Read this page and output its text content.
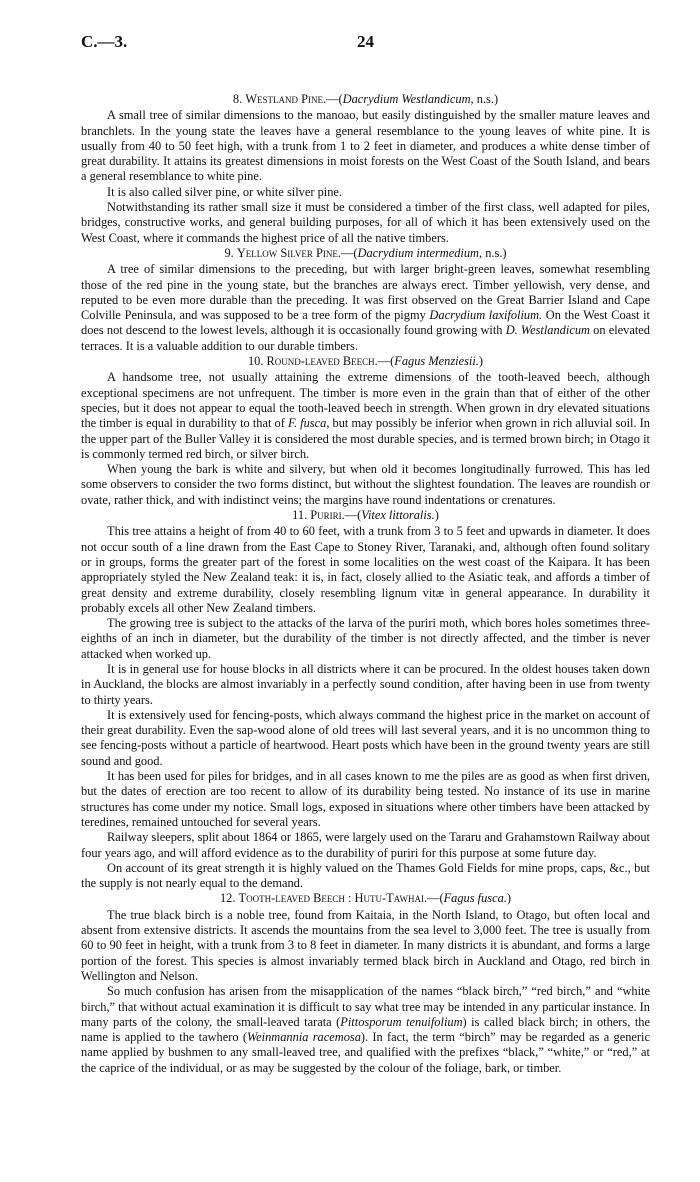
C.—3.	24
8. Westland Pine.—(Dacrydium Westlandicum, n.s.)

A small tree of similar dimensions to the manoao, but easily distinguished by the smaller mature leaves and branchlets. In the young state the leaves have a general resemblance to the young leaves of white pine. It is usually from 40 to 50 feet high, with a trunk from 1 to 2 feet in diameter, and produces a white dense timber of great durability. It attains its greatest dimensions in moist forests on the West Coast of the South Island, and bears a general resemblance to white pine.

It is also called silver pine, or white silver pine.

Notwithstanding its rather small size it must be considered a timber of the first class, well adapted for piles, bridges, constructive works, and general building purposes, for all of which it has been extensively used on the West Coast, where it commands the highest price of all the native timbers.

9. Yellow Silver Pine.—(Dacrydium intermedium, n.s.)

A tree of similar dimensions to the preceding, but with larger bright-green leaves, somewhat resembling those of the red pine in the young state, but the branches are always erect. Timber yellowish, very dense, and reputed to be even more durable than the preceding. It was first observed on the Great Barrier Island and Cape Colville Peninsula, and was supposed to be a tree form of the pigmy Dacrydium laxifolium. On the West Coast it does not descend to the lowest levels, although it is occasionally found growing with D. Westlandicum on elevated terraces. It is a valuable addition to our durable timbers.

10. Round-leaved Beech.—(Fagus Menziesii.)

A handsome tree, not usually attaining the extreme dimensions of the tooth-leaved beech, although exceptional specimens are not unfrequent. The timber is more even in the grain than that of either of the other species, but it does not appear to equal the tooth-leaved beech in strength. When grown in dry elevated situations the timber is equal in durability to that of F. fusca, but may possibly be inferior when grown in rich alluvial soil. In the upper part of the Buller Valley it is considered the most durable species, and is termed brown birch; in Otago it is commonly termed red birch, or silver birch.

When young the bark is white and silvery, but when old it becomes longitudinally furrowed. This has led some observers to consider the two forms distinct, but without the slightest foundation. The leaves are roundish or ovate, rather thick, and with indistinct veins; the margins have round indentations or crenatures.

11. Puriri.—(Vitex littoralis.)

This tree attains a height of from 40 to 60 feet, with a trunk from 3 to 5 feet and upwards in diameter. It does not occur south of a line drawn from the East Cape to Stoney River, Taranaki, and, although often found solitary or in groups, forms the greater part of the forest in some localities on the west coast of the Kaipara. It has been appropriately styled the New Zealand teak: it is, in fact, closely allied to the Asiatic teak, and affords a timber of great density and extreme durability, closely resembling lignum vitæ in general appearance. In durability it probably excels all other New Zealand timbers.

The growing tree is subject to the attacks of the larva of the puriri moth, which bores holes sometimes three-eighths of an inch in diameter, but the durability of the timber is not directly affected, and the timber is never attacked when worked up.

It is in general use for house blocks in all districts where it can be procured. In the oldest houses taken down in Auckland, the blocks are almost invariably in a perfectly sound condition, after having been in use from twenty to thirty years.

It is extensively used for fencing-posts, which always command the highest price in the market on account of their great durability. Even the sap-wood alone of old trees will last several years, and it is no uncommon thing to see fencing-posts without a particle of heartwood. Heart posts which have been in the ground twenty years are still sound and good.

It has been used for piles for bridges, and in all cases known to me the piles are as good as when first driven, but the dates of erection are too recent to allow of its durability being tested. No instance of its use in marine structures has come under my notice. Small logs, exposed in situations where other timbers have been attacked by teredines, remained untouched for several years.

Railway sleepers, split about 1864 or 1865, were largely used on the Tararu and Grahamstown Railway about four years ago, and will afford evidence as to the durability of puriri for this purpose at some future day.

On account of its great strength it is highly valued on the Thames Gold Fields for mine props, caps, &c., but the supply is not nearly equal to the demand.

12. Tooth-leaved Beech : Hutu-Tawhai.—(Fagus fusca.)

The true black birch is a noble tree, found from Kaitaia, in the North Island, to Otago, but often local and absent from extensive districts. It ascends the mountains from the sea level to 3,000 feet. The tree is usually from 60 to 90 feet in height, with a trunk from 3 to 8 feet in diameter. In many districts it is abundant, and forms a large portion of the forest. This species is almost invariably termed black birch in Auckland and Otago, red birch in Wellington and Nelson.

So much confusion has arisen from the misapplication of the names “black birch,” “red birch,” and “white birch,” that without actual examination it is difficult to say what tree may be intended in any particular instance. In many parts of the colony, the small-leaved tarata (Pittosporum tenuifolium) is called black birch; in others, the name is applied to the tawhero (Weinmannia racemosa). In fact, the term “birch” may be regarded as a generic name applied by bushmen to any small-leaved tree, and qualified with the prefixes “black,” “white,” or “red,” at the caprice of the individual, or as may be suggested by the colour of the foliage, bark, or timber.
